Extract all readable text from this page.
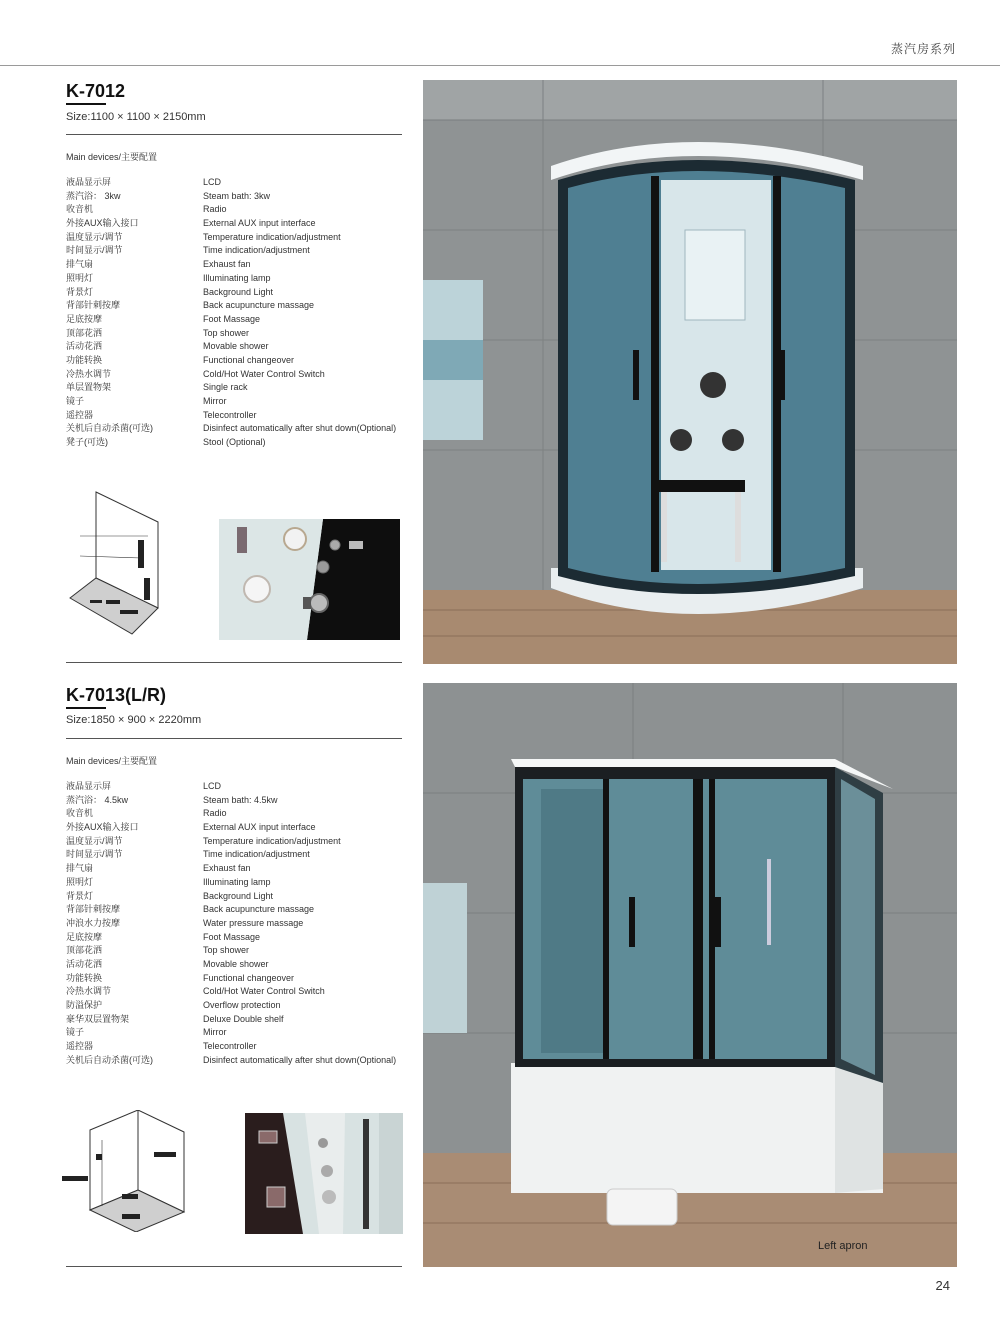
蒸汽房系列
K-7012
Size:1100 × 1100 × 2150mm
Main devices/主要配置
液晶显示屏	LCD
蒸汽浴： 3kw	Steam bath: 3kw
收音机	Radio
外接AUX输入接口	External AUX input interface
温度显示/调节	Temperature indication/adjustment
时间显示/调节	Time indication/adjustment
排气扇	Exhaust fan
照明灯	Illuminating lamp
背景灯	Background Light
背部针刺按摩	Back acupuncture massage
足底按摩	Foot Massage
顶部花洒	Top shower
活动花洒	Movable shower
功能转换	Functional changeover
冷热水调节	Cold/Hot Water Control Switch
单层置物架	Single rack
镜子	Mirror
遥控器	Telecontroller
关机后自动杀菌(可选)	Disinfect automatically after shut down(Optional)
凳子(可选)	Stool (Optional)
K-7013(L/R)
Size:1850 × 900 × 2220mm
Main devices/主要配置
液晶显示屏	LCD
蒸汽浴： 4.5kw	Steam bath: 4.5kw
收音机	Radio
外接AUX输入接口	External AUX input interface
温度显示/调节	Temperature indication/adjustment
时间显示/调节	Time indication/adjustment
排气扇	Exhaust fan
照明灯	Illuminating lamp
背景灯	Background Light
背部针刺按摩	Back acupuncture massage
冲浪水力按摩	Water pressure massage
足底按摩	Foot Massage
顶部花洒	Top shower
活动花洒	Movable shower
功能转换	Functional changeover
冷热水调节	Cold/Hot Water Control Switch
防溢保护	Overflow protection
豪华双层置物架	Deluxe Double shelf
镜子	Mirror
遥控器	Telecontroller
关机后自动杀菌(可选)	Disinfect automatically after shut down(Optional)
Left apron
24
